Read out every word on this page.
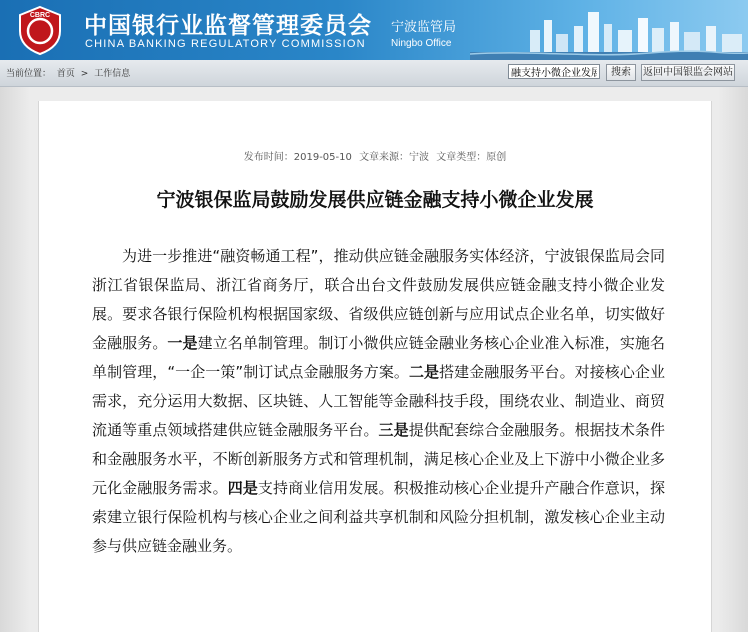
CBRC 中国银行业监督管理委员会
CHINA BANKING REGULATORY COMMISSION
宁波监管局
Ningbo Office
当前位置： 首页 > 工作信息
融支持小微企业发展	搜索	返回中国银监会网站
发布时间：2019-05-10 文章来源：宁波 文章类型：原创
宁波银保监局鼓励发展供应链金融支持小微企业发展

为进一步推进“融资畅通工程”，推动供应链金融服务实体经济，宁波银保监局会同浙江省银保监局、浙江省商务厅，联合出台文件鼓励发展供应链金融支持小微企业发展。要求各银行保险机构根据国家级、省级供应链创新与应用试点企业名单，切实做好金融服务。一是建立名单制管理。制订小微供应链金融业务核心企业准入标准，实施名单制管理，“一企一策”制订试点金融服务方案。二是搭建金融服务平台。对接核心企业需求，充分运用大数据、区块链、人工智能等金融科技手段，围绕农业、制造业、商贸流通等重点领域搭建供应链金融服务平台。三是提供配套综合金融服务。根据技术条件和金融服务水平，不断创新服务方式和管理机制，满足核心企业及上下游中小微企业多元化金融服务需求。四是支持商业信用发展。积极推动核心企业提升产融合作意识，探索建立银行保险机构与核心企业之间利益共享机制和风险分担机制，激发核心企业主动参与供应链金融业务。
